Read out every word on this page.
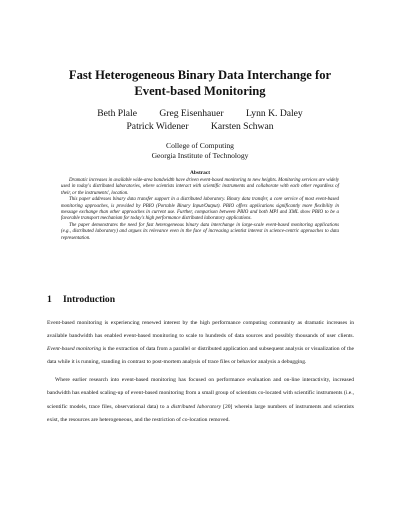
Fast Heterogeneous Binary Data Interchange for
Event-based Monitoring
Beth Plale Greg Eisenhauer Lynn K. Daley
Patrick Widener Karsten Schwan
College of Computing
Georgia Institute of Technology
Abstract

Dramatic increases in available wide-area bandwidth have driven event-based monitoring to new heights. Monitoring services are widely used in today's distributed laboratories, where scientists interact with scientific instruments and collaborate with each other regardless of their, or the instruments', location.

This paper addresses binary data transfer support in a distributed laboratory. Binary data transfer, a core service of most event-based monitoring approaches, is provided by PBIO (Portable Binary Input/Output). PBIO offers applications significantly more flexibility in message exchange than other approaches in current use. Further, comparison between PBIO and both MPI and XML show PBIO to be a favorable transport mechanism for today's high performance distributed laboratory applications.

The paper demonstrates the need for fast heterogeneous binary data interchange in large-scale event-based monitoring applications (e.g., distributed laboratory) and argues its relevance even in the face of increasing scientist interest in science-centric approaches to data representation.

1 Introduction

Event-based monitoring is experiencing renewed interest by the high performance computing community as dramatic increases in available bandwidth has enabled event-based monitoring to scale to hundreds of data sources and possibly thousands of user clients. Event-based monitoring is the extraction of data from a parallel or distributed application and subsequent analysis or visualization of the data while it is running, standing in contrast to post-mortem analysis of trace files or behavior analysis a debugging.

Where earlier research into event-based monitoring has focused on performance evaluation and on-line interactivity, increased bandwidth has enabled scaling-up of event-based monitoring from a small group of scientists co-located with scientific instruments (i.e., scientific models, trace files, observational data) to a distributed laboratory [20] wherein large numbers of instruments and scientists exist, the resources are heterogeneous, and the restriction of co-location removed.
